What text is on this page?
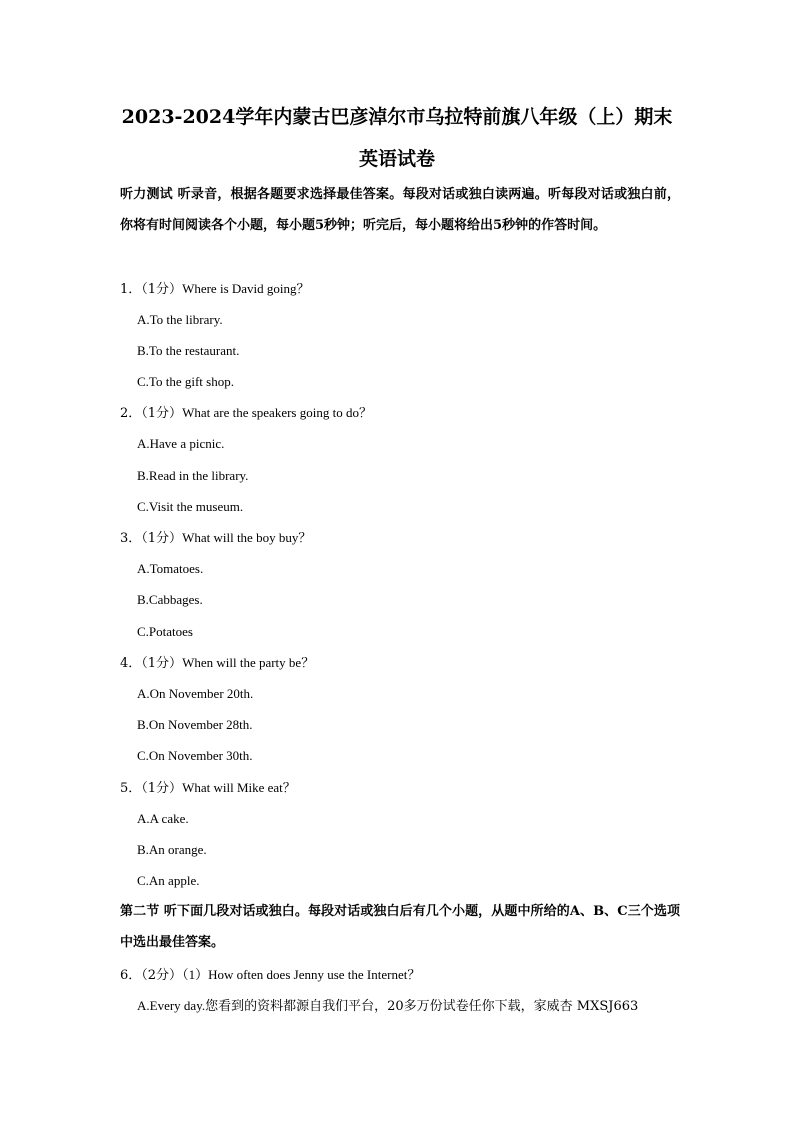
2023-2024学年内蒙古巴彦淖尔市乌拉特前旗八年级（上）期末
英语试卷
听力测试 听录音，根据各题要求选择最佳答案。每段对话或独白读两遍。听每段对话或独白前，你将有时间阅读各个小题，每小题5秒钟；听完后，每小题将给出5秒钟的作答时间。
1．（1分）Where is David going？
A.To the library.
B.To the restaurant.
C.To the gift shop.
2．（1分）What are the speakers going to do？
A.Have a picnic.
B.Read in the library.
C.Visit the museum.
3．（1分）What will the boy buy？
A.Tomatoes.
B.Cabbages.
C.Potatoes
4．（1分）When will the party be？
A.On November 20th.
B.On November 28th.
C.On November 30th.
5．（1分）What will Mike eat？
A.A cake.
B.An orange.
C.An apple.
第二节 听下面几段对话或独白。每段对话或独白后有几个小题，从题中所给的A、B、C三个选项中选出最佳答案。
6．（2分）（1）How often does Jenny use the Internet？
A.Every day.您看到的资料都源自我们平台，20多万份试卷任你下载，家威杏 MXSJ663
